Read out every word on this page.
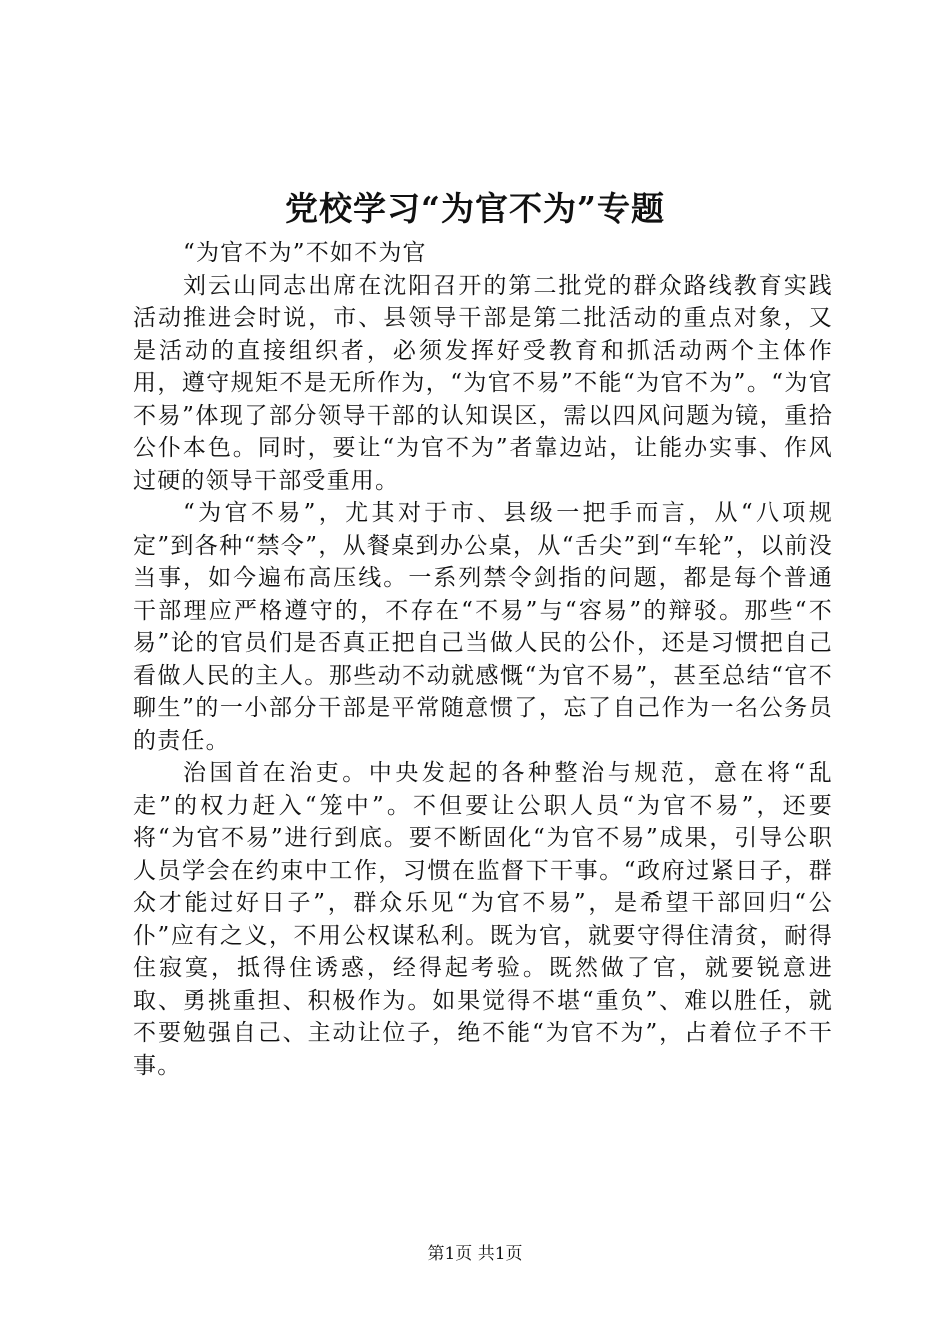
党校学习“为官不为”专题

“为官不为”不如不为官

刘云山同志出席在沈阳召开的第二批党的群众路线教育实践活动推进会时说，市、县领导干部是第二批活动的重点对象，又是活动的直接组织者，必须发挥好受教育和抓活动两个主体作用，遵守规矩不是无所作为，“为官不易”不能“为官不为”。“为官不易”体现了部分领导干部的认知误区，需以四风问题为镜，重拾公仆本色。同时，要让“为官不为”者靠边站，让能办实事、作风过硬的领导干部受重用。

“为官不易”，尤其对于市、县级一把手而言，从“八项规定”到各种“禁令”，从餐桌到办公桌，从“舌尖”到“车轮”，以前没当事，如今遍布高压线。一系列禁令剑指的问题，都是每个普通干部理应严格遵守的，不存在“不易”与“容易”的辩驳。那些“不易”论的官员们是否真正把自己当做人民的公仆，还是习惯把自己看做人民的主人。那些动不动就感慨“为官不易”，甚至总结“官不聊生”的一小部分干部是平常随意惯了，忘了自己作为一名公务员的责任。

治国首在治吏。中央发起的各种整治与规范，意在将“乱走”的权力赶入“笼中”。不但要让公职人员“为官不易”，还要将“为官不易”进行到底。要不断固化“为官不易”成果，引导公职人员学会在约束中工作，习惯在监督下干事。“政府过紧日子，群众才能过好日子”，群众乐见“为官不易”，是希望干部回归“公仆”应有之义，不用公权谋私利。既为官，就要守得住清贫，耐得住寂寞，抵得住诱惑，经得起考验。既然做了官，就要锐意进取、勇挑重担、积极作为。如果觉得不堪“重负”、难以胜任，就不要勉强自己、主动让位子，绝不能“为官不为”，占着位子不干事。

第1页 共1页
